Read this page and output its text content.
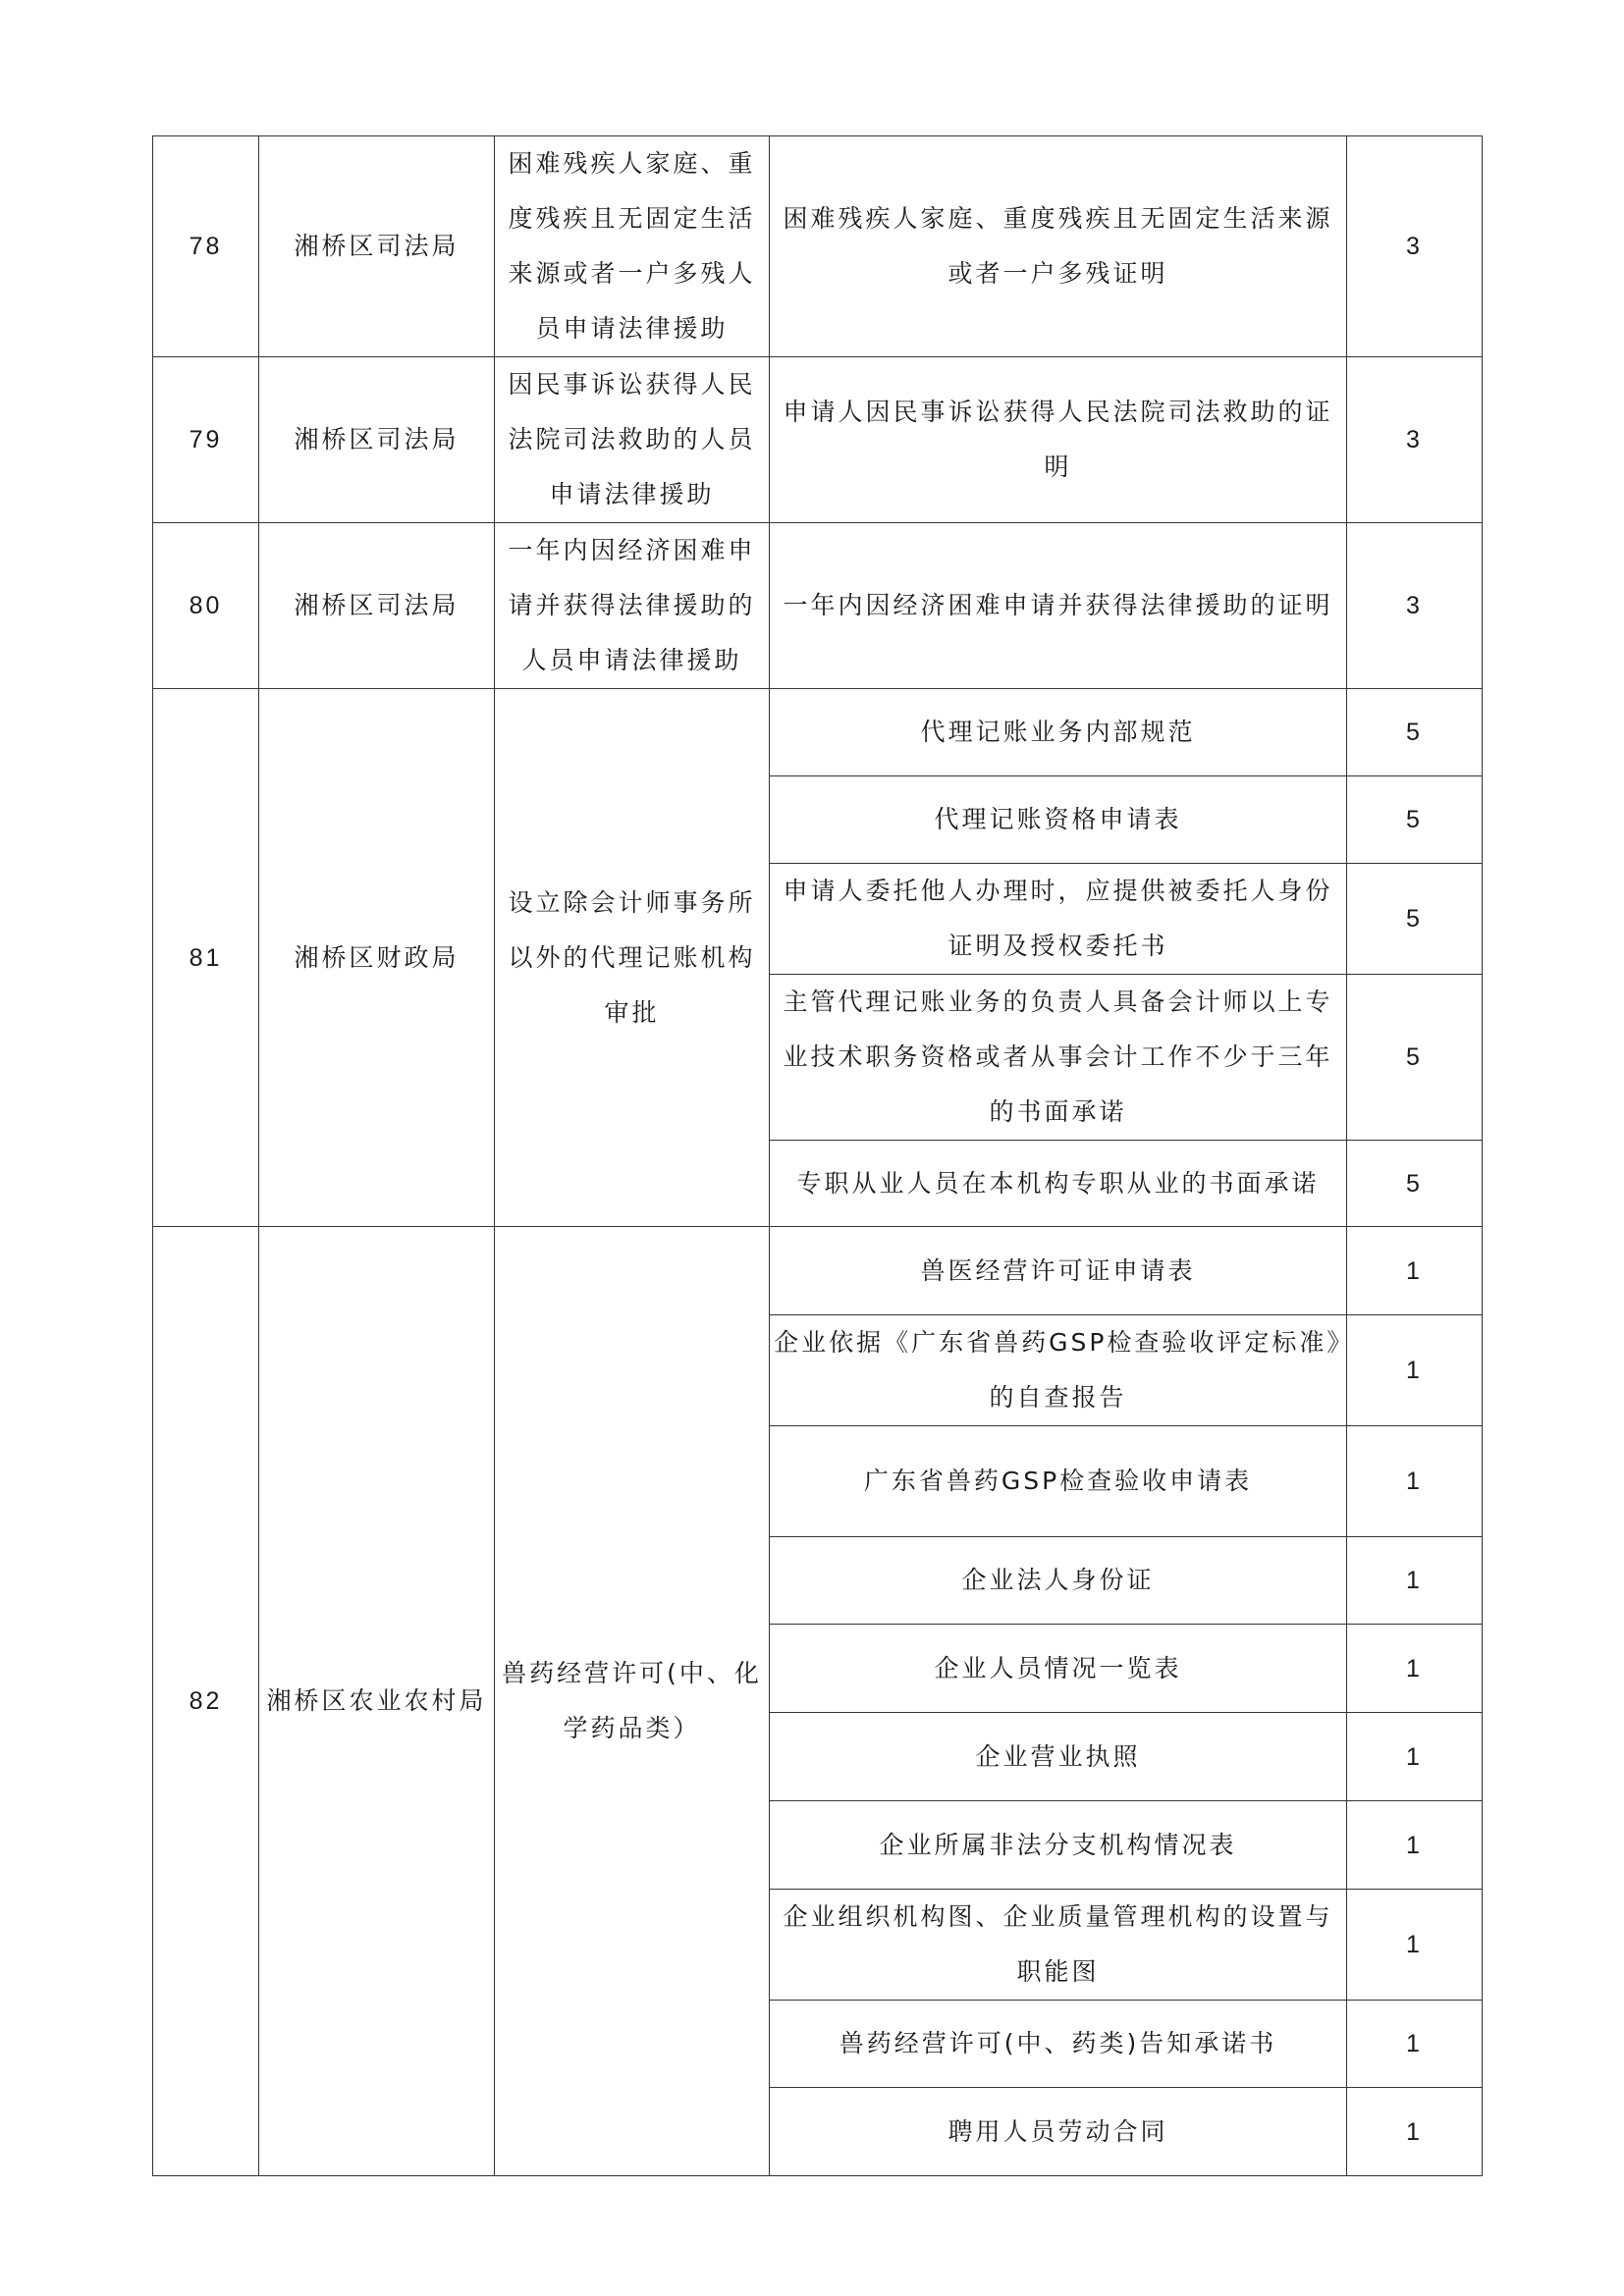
78	湘桥区司法局	困难残疾人家庭、重度残疾且无固定生活来源或者一户多残人员申请法律援助	困难残疾人家庭、重度残疾且无固定生活来源或者一户多残证明	3
79	湘桥区司法局	因民事诉讼获得人民法院司法救助的人员申请法律援助	申请人因民事诉讼获得人民法院司法救助的证明	3
80	湘桥区司法局	一年内因经济困难申请并获得法律援助的人员申请法律援助	一年内因经济困难申请并获得法律援助的证明	3
81	湘桥区财政局	设立除会计师事务所以外的代理记账机构审批	代理记账业务内部规范	5
			代理记账资格申请表	5
			申请人委托他人办理时，应提供被委托人身份证明及授权委托书	5
			主管代理记账业务的负责人具备会计师以上专业技术职务资格或者从事会计工作不少于三年的书面承诺	5
			专职从业人员在本机构专职从业的书面承诺	5
82	湘桥区农业农村局	兽药经营许可(中、化学药品类）	兽医经营许可证申请表	1
			企业依据《广东省兽药GSP检查验收评定标准》的自查报告	1
			广东省兽药GSP检查验收申请表	1
			企业法人身份证	1
			企业人员情况一览表	1
			企业营业执照	1
			企业所属非法分支机构情况表	1
			企业组织机构图、企业质量管理机构的设置与职能图	1
			兽药经营许可(中、药类)告知承诺书	1
			聘用人员劳动合同	1
